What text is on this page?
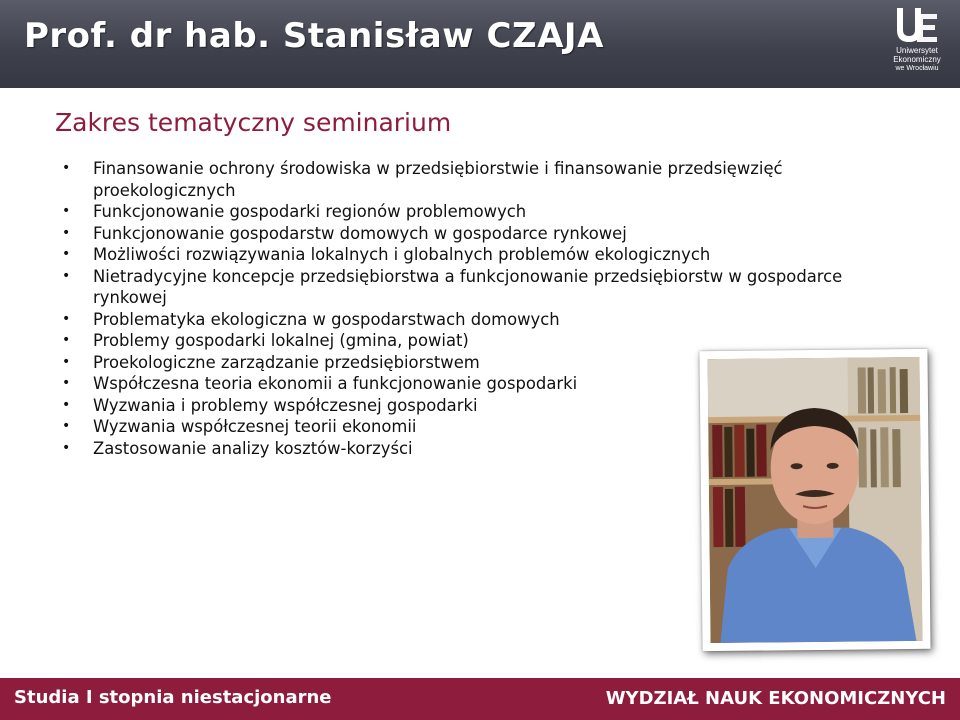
Prof. dr hab. Stanisław CZAJA	Uniwersytet
Ekonomiczny
we Wrocławiu
Zakres tematyczny seminarium
• Finansowanie ochrony środowiska w przedsiębiorstwie i finansowanie przedsięwzięć proekologicznych
• Funkcjonowanie gospodarki regionów problemowych
• Funkcjonowanie gospodarstw domowych w gospodarce rynkowej
• Możliwości rozwiązywania lokalnych i globalnych problemów ekologicznych
• Nietradycyjne koncepcje przedsiębiorstwa a funkcjonowanie przedsiębiorstw w gospodarce rynkowej
• Problematyka ekologiczna w gospodarstwach domowych
• Problemy gospodarki lokalnej (gmina, powiat)
• Proekologiczne zarządzanie przedsiębiorstwem
• Współczesna teoria ekonomii a funkcjonowanie gospodarki
• Wyzwania i problemy współczesnej gospodarki
• Wyzwania współczesnej teorii ekonomii
• Zastosowanie analizy kosztów-korzyści
Studia I stopnia niestacjonarne	WYDZIAŁ NAUK EKONOMICZNYCH
